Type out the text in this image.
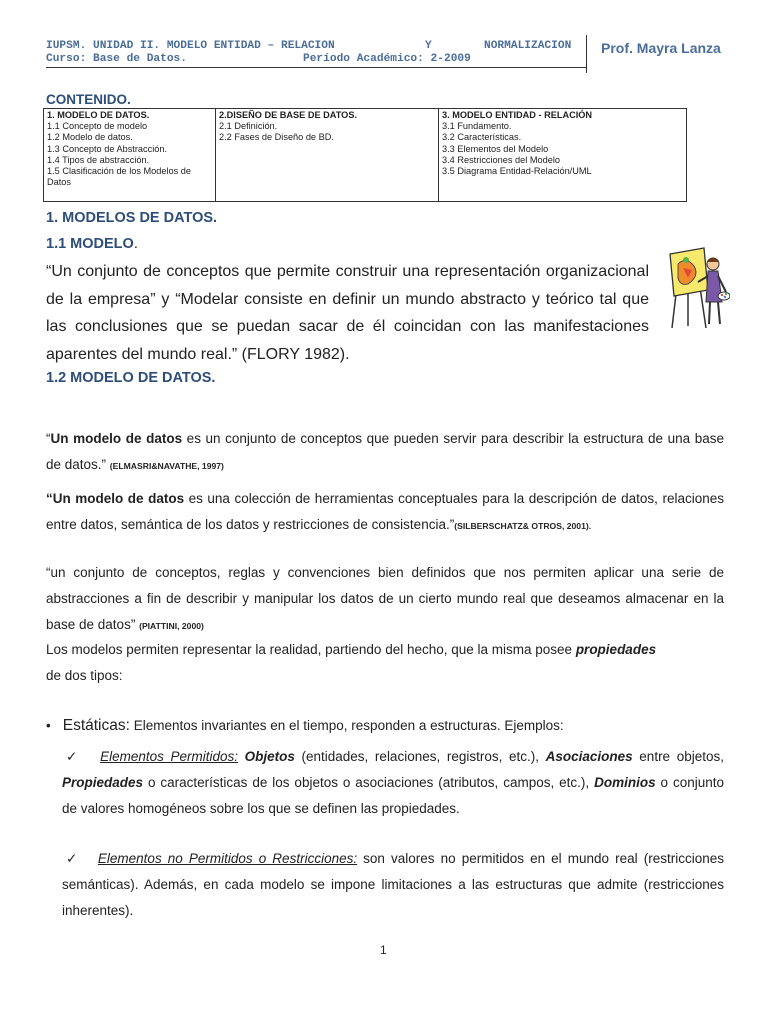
IUPSM. UNIDAD II. MODELO ENTIDAD – RELACION	Y	NORMALIZACION
Curso: Base de Datos.	Período Académico: 2-2009
Prof. Mayra Lanza
CONTENIDO.
1. MODELO DE DATOS.
1.1 Concepto de modelo
1.2 Modelo de datos.
1.3 Concepto de Abstracción.
1.4 Tipos de abstracción.
1.5 Clasificación de los Modelos de Datos

2.DISEÑO DE BASE DE DATOS.
2.1 Definición.
2.2 Fases de Diseño de BD.

3. MODELO ENTIDAD - RELACIÓN
3.1 Fundamento.
3.2 Características.
3.3 Elementos del Modelo
3.4 Restricciones del Modelo
3.5 Diagrama Entidad-Relación/UML
1. MODELOS DE DATOS.
1.1 MODELO.
“Un conjunto de conceptos que permite construir una representación organizacional de la empresa” y “Modelar consiste en definir un mundo abstracto y teórico tal que las conclusiones que se puedan sacar de él coincidan con las manifestaciones aparentes del mundo real.” (FLORY 1982).
1.2 MODELO DE DATOS.
“Un modelo de datos es un conjunto de conceptos que pueden servir para describir la estructura de una base de datos.” (ELMASRI&NAVATHE, 1997)
“Un modelo de datos es una colección de herramientas conceptuales para la descripción de datos, relaciones entre datos, semántica de los datos y restricciones de consistencia.”(SILBERSCHATZ& OTROS, 2001).
“un conjunto de conceptos, reglas y convenciones bien definidos que nos permiten aplicar una serie de abstracciones a fin de describir y manipular los datos de un cierto mundo real que deseamos almacenar en la base de datos” (PIATTINI, 2000)
Los modelos permiten representar la realidad, partiendo del hecho, que la misma posee propiedades
de dos tipos:
• Estáticas: Elementos invariantes en el tiempo, responden a estructuras. Ejemplos:
✓ Elementos Permitidos: Objetos (entidades, relaciones, registros, etc.), Asociaciones entre objetos, Propiedades o características de los objetos o asociaciones (atributos, campos, etc.), Dominios o conjunto de valores homogéneos sobre los que se definen las propiedades.
✓ Elementos no Permitidos o Restricciones: son valores no permitidos en el mundo real (restricciones semánticas). Además, en cada modelo se impone limitaciones a las estructuras que admite (restricciones inherentes).
1
